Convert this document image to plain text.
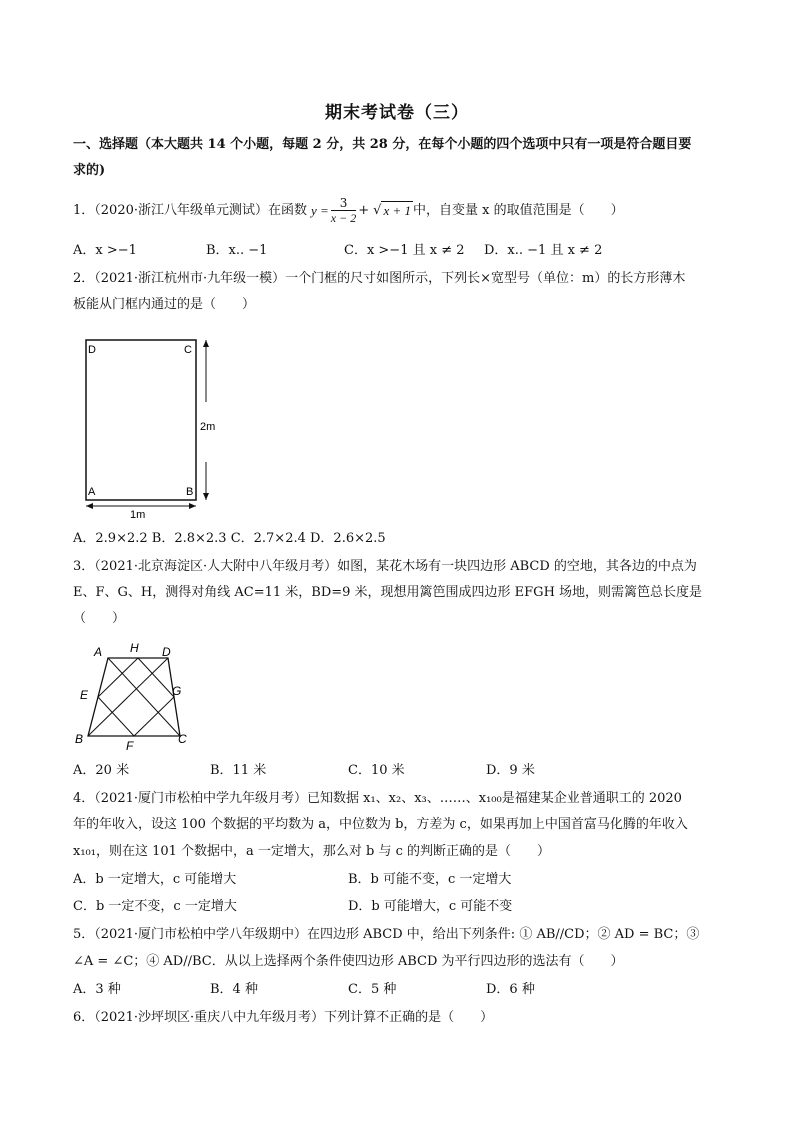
期末考试卷（三）
一、选择题（本大题共 14 个小题，每题 2 分，共 28 分，在每个小题的四个选项中只有一项是符合题目要
求的)
1．（2020·浙江八年级单元测试）在函数 $y = \frac{3}{x - 2}$ + √ x + 1 中，自变量 x 的取值范围是（　　）
A．x >−1	B．x.. −1	C．x >−1 且 x ≠ 2 D．x.. −1 且 x ≠ 2
2．（2021·浙江杭州市·九年级一模）一个门框的尺寸如图所示，下列长×宽型号（单位：m）的长方形薄木
板能从门框内通过的是（　　）
D	C
A	B
2m
1m
A．2.9×2.2 B．2.8×2.3 C．2.7×2.4 D．2.6×2.5
3．（2021·北京海淀区·人大附中八年级月考）如图，某花木场有一块四边形 ABCD 的空地，其各边的中点为
E、F、G、H，测得对角线 AC=11 米，BD=9 米，现想用篱笆围成四边形 EFGH 场地，则需篱笆总长度是
（　　）
A H D
E	G
B	F	C
A．20 米	B．11 米	C．10 米	D．9 米
4．（2021·厦门市松柏中学九年级月考）已知数据 x₁、x₂、x₃、……、x₁₀₀是福建某企业普通职工的 2020
年的年收入，设这 100 个数据的平均数为 a，中位数为 b，方差为 c，如果再加上中国首富马化腾的年收入
x₁₀₁，则在这 101 个数据中，a 一定增大，那么对 b 与 c 的判断正确的是（　　）
A．b 一定增大，c 可能增大	B．b 可能不变，c 一定增大
C．b 一定不变，c 一定增大	D．b 可能增大，c 可能不变
5．（2021·厦门市松柏中学八年级期中）在四边形 ABCD 中，给出下列条件: ① AB//CD；② AD = BC；③
∠A = ∠C；④ AD//BC．从以上选择两个条件使四边形 ABCD 为平行四边形的选法有（　　）
A．3 种	B．4 种	C．5 种	D．6 种
6．（2021·沙坪坝区·重庆八中九年级月考）下列计算不正确的是（　　）
